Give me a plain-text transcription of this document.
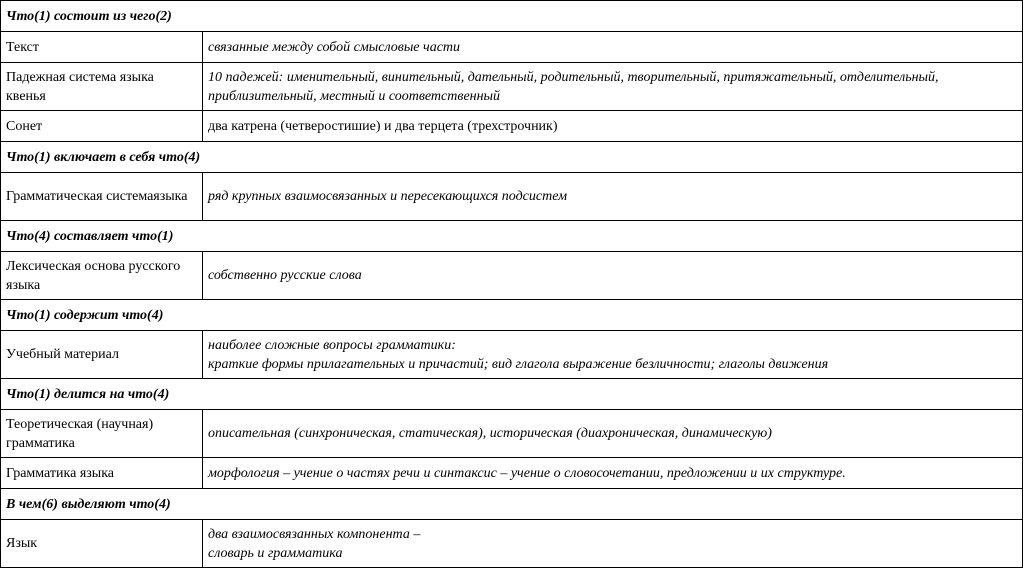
Что(1) состоит из чего(2)	
Текст	связанные между собой смысловые части
Падежная система языка квенья	10 падежей: именительный, винительный, дательный, родительный, творительный, притяжательный, отделительный, приблизительный, местный и соответственный
Сонет	два катрена (четверостишие) и два терцета (трехстрочник)
Что(1) включает в себя что(4)	
Грамматическая системаязыка	ряд крупных взаимосвязанных и пересекающихся подсистем
Что(4) составляет что(1)	
Лексическая основа русского языка	собственно русские слова
Что(1) содержит что(4)	
Учебный материал	наиболее сложные вопросы грамматики:
краткие формы прилагательных и причастий; вид глагола выражение безличности; глаголы движения
Что(1) делится на что(4)	
Теоретическая (научная) грамматика	описательная (синхроническая, статическая), историческая (диахроническая, динамическую)
Грамматика языка	морфология – учение о частях речи и синтаксис – учение о словосочетании, предложении и их структуре.
В чем(6) выделяют что(4)	
Язык	два взаимосвязанных компонента –
словарь и грамматика
